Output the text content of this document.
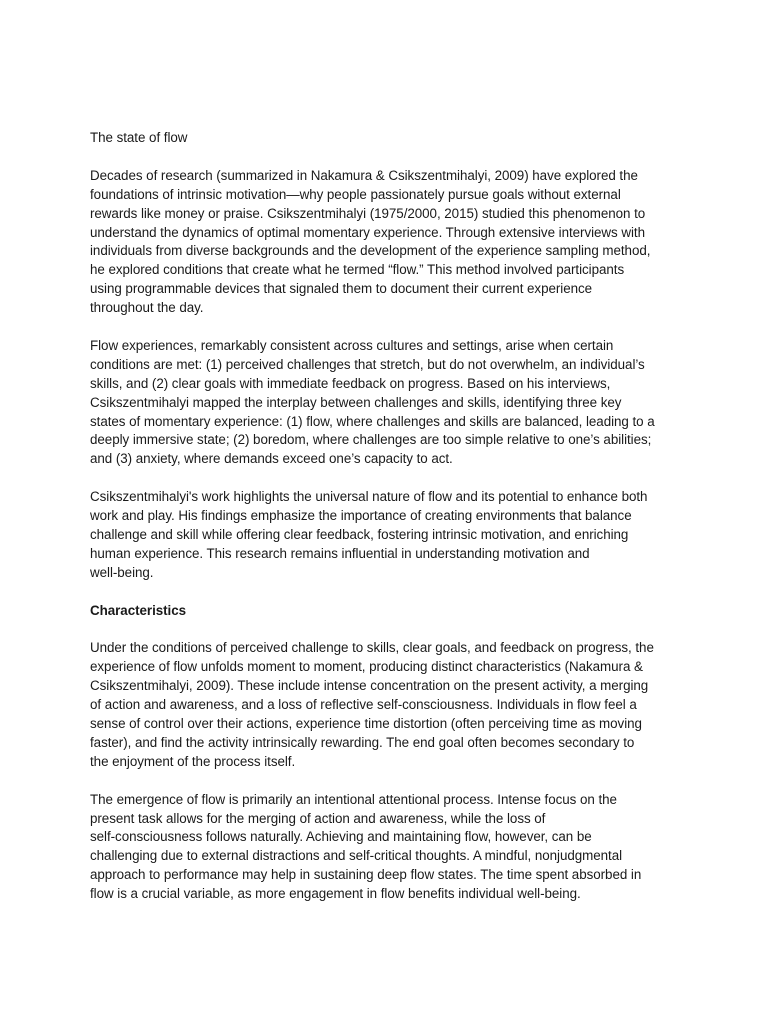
The state of flow

Decades of research (summarized in Nakamura & Csikszentmihalyi, 2009) have explored the
foundations of intrinsic motivation—why people passionately pursue goals without external
rewards like money or praise. Csikszentmihalyi (1975/2000, 2015) studied this phenomenon to
understand the dynamics of optimal momentary experience. Through extensive interviews with
individuals from diverse backgrounds and the development of the experience sampling method,
he explored conditions that create what he termed “flow.” This method involved participants
using programmable devices that signaled them to document their current experience
throughout the day.

Flow experiences, remarkably consistent across cultures and settings, arise when certain
conditions are met: (1) perceived challenges that stretch, but do not overwhelm, an individual’s
skills, and (2) clear goals with immediate feedback on progress. Based on his interviews,
Csikszentmihalyi mapped the interplay between challenges and skills, identifying three key
states of momentary experience: (1) flow, where challenges and skills are balanced, leading to a
deeply immersive state; (2) boredom, where challenges are too simple relative to one’s abilities;
and (3) anxiety, where demands exceed one’s capacity to act.

Csikszentmihalyi's work highlights the universal nature of flow and its potential to enhance both
work and play. His findings emphasize the importance of creating environments that balance
challenge and skill while offering clear feedback, fostering intrinsic motivation, and enriching
human experience. This research remains influential in understanding motivation and
well-being.

Characteristics

Under the conditions of perceived challenge to skills, clear goals, and feedback on progress, the
experience of flow unfolds moment to moment, producing distinct characteristics (Nakamura &
Csikszentmihalyi, 2009). These include intense concentration on the present activity, a merging
of action and awareness, and a loss of reflective self-consciousness. Individuals in flow feel a
sense of control over their actions, experience time distortion (often perceiving time as moving
faster), and find the activity intrinsically rewarding. The end goal often becomes secondary to
the enjoyment of the process itself.

The emergence of flow is primarily an intentional attentional process. Intense focus on the
present task allows for the merging of action and awareness, while the loss of
self-consciousness follows naturally. Achieving and maintaining flow, however, can be
challenging due to external distractions and self-critical thoughts. A mindful, nonjudgmental
approach to performance may help in sustaining deep flow states. The time spent absorbed in
flow is a crucial variable, as more engagement in flow benefits individual well-being.
